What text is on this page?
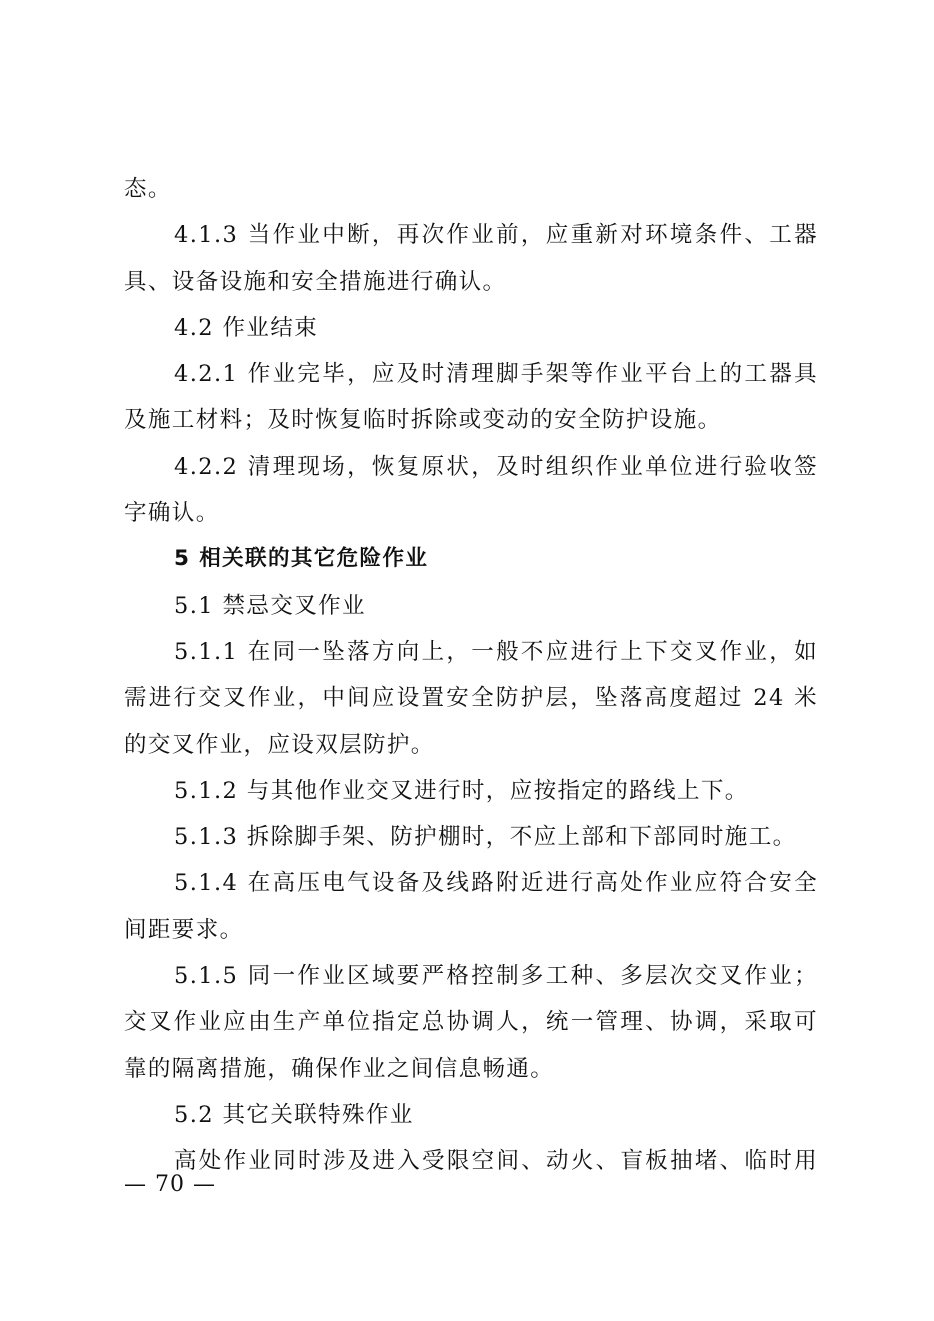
态。
4.1.3 当作业中断，再次作业前，应重新对环境条件、工器
具、设备设施和安全措施进行确认。
4.2 作业结束
4.2.1 作业完毕，应及时清理脚手架等作业平台上的工器具
及施工材料；及时恢复临时拆除或变动的安全防护设施。
4.2.2 清理现场，恢复原状，及时组织作业单位进行验收签
字确认。
5 相关联的其它危险作业
5.1 禁忌交叉作业
5.1.1 在同一坠落方向上，一般不应进行上下交叉作业，如
需进行交叉作业，中间应设置安全防护层，坠落高度超过 24 米
的交叉作业，应设双层防护。
5.1.2 与其他作业交叉进行时，应按指定的路线上下。
5.1.3 拆除脚手架、防护棚时，不应上部和下部同时施工。
5.1.4 在高压电气设备及线路附近进行高处作业应符合安全
间距要求。
5.1.5 同一作业区域要严格控制多工种、多层次交叉作业；
交叉作业应由生产单位指定总协调人，统一管理、协调，采取可
靠的隔离措施，确保作业之间信息畅通。
5.2 其它关联特殊作业
高处作业同时涉及进入受限空间、动火、盲板抽堵、临时用
— 70 —
